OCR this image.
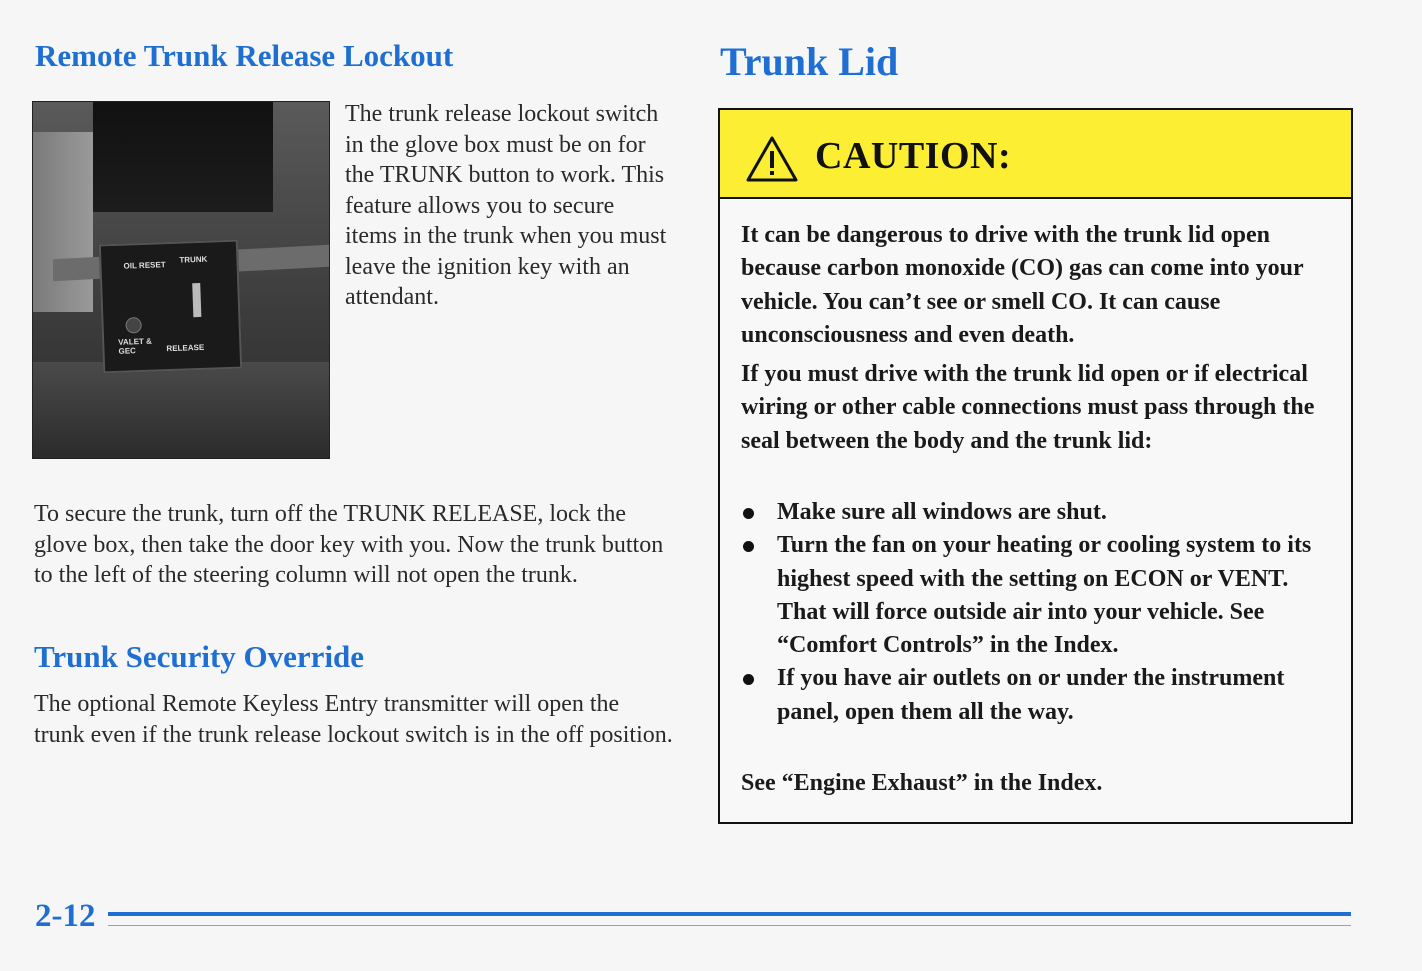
Remote Trunk Release Lockout
OIL RESET
TRUNK
VALET & GEC	RELEASE

The trunk release lockout switch in the glove box must be on for the TRUNK button to work. This feature allows you to secure items in the trunk when you must leave the ignition key with an attendant.

To secure the trunk, turn off the TRUNK RELEASE, lock the glove box, then take the door key with you. Now the trunk button to the left of the steering column will not open the trunk.

Trunk Security Override

The optional Remote Keyless Entry transmitter will open the trunk even if the trunk release lockout switch is in the off position.

Trunk Lid
CAUTION:

It can be dangerous to drive with the trunk lid open because carbon monoxide (CO) gas can come into your vehicle. You can’t see or smell CO. It can cause unconsciousness and even death.

If you must drive with the trunk lid open or if electrical wiring or other cable connections must pass through the seal between the body and the trunk lid:

Make sure all windows are shut.
Turn the fan on your heating or cooling system to its highest speed with the setting on ECON or VENT. That will force outside air into your vehicle. See “Comfort Controls” in the Index.
If you have air outlets on or under the instrument panel, open them all the way.

See “Engine Exhaust” in the Index.

2-12
